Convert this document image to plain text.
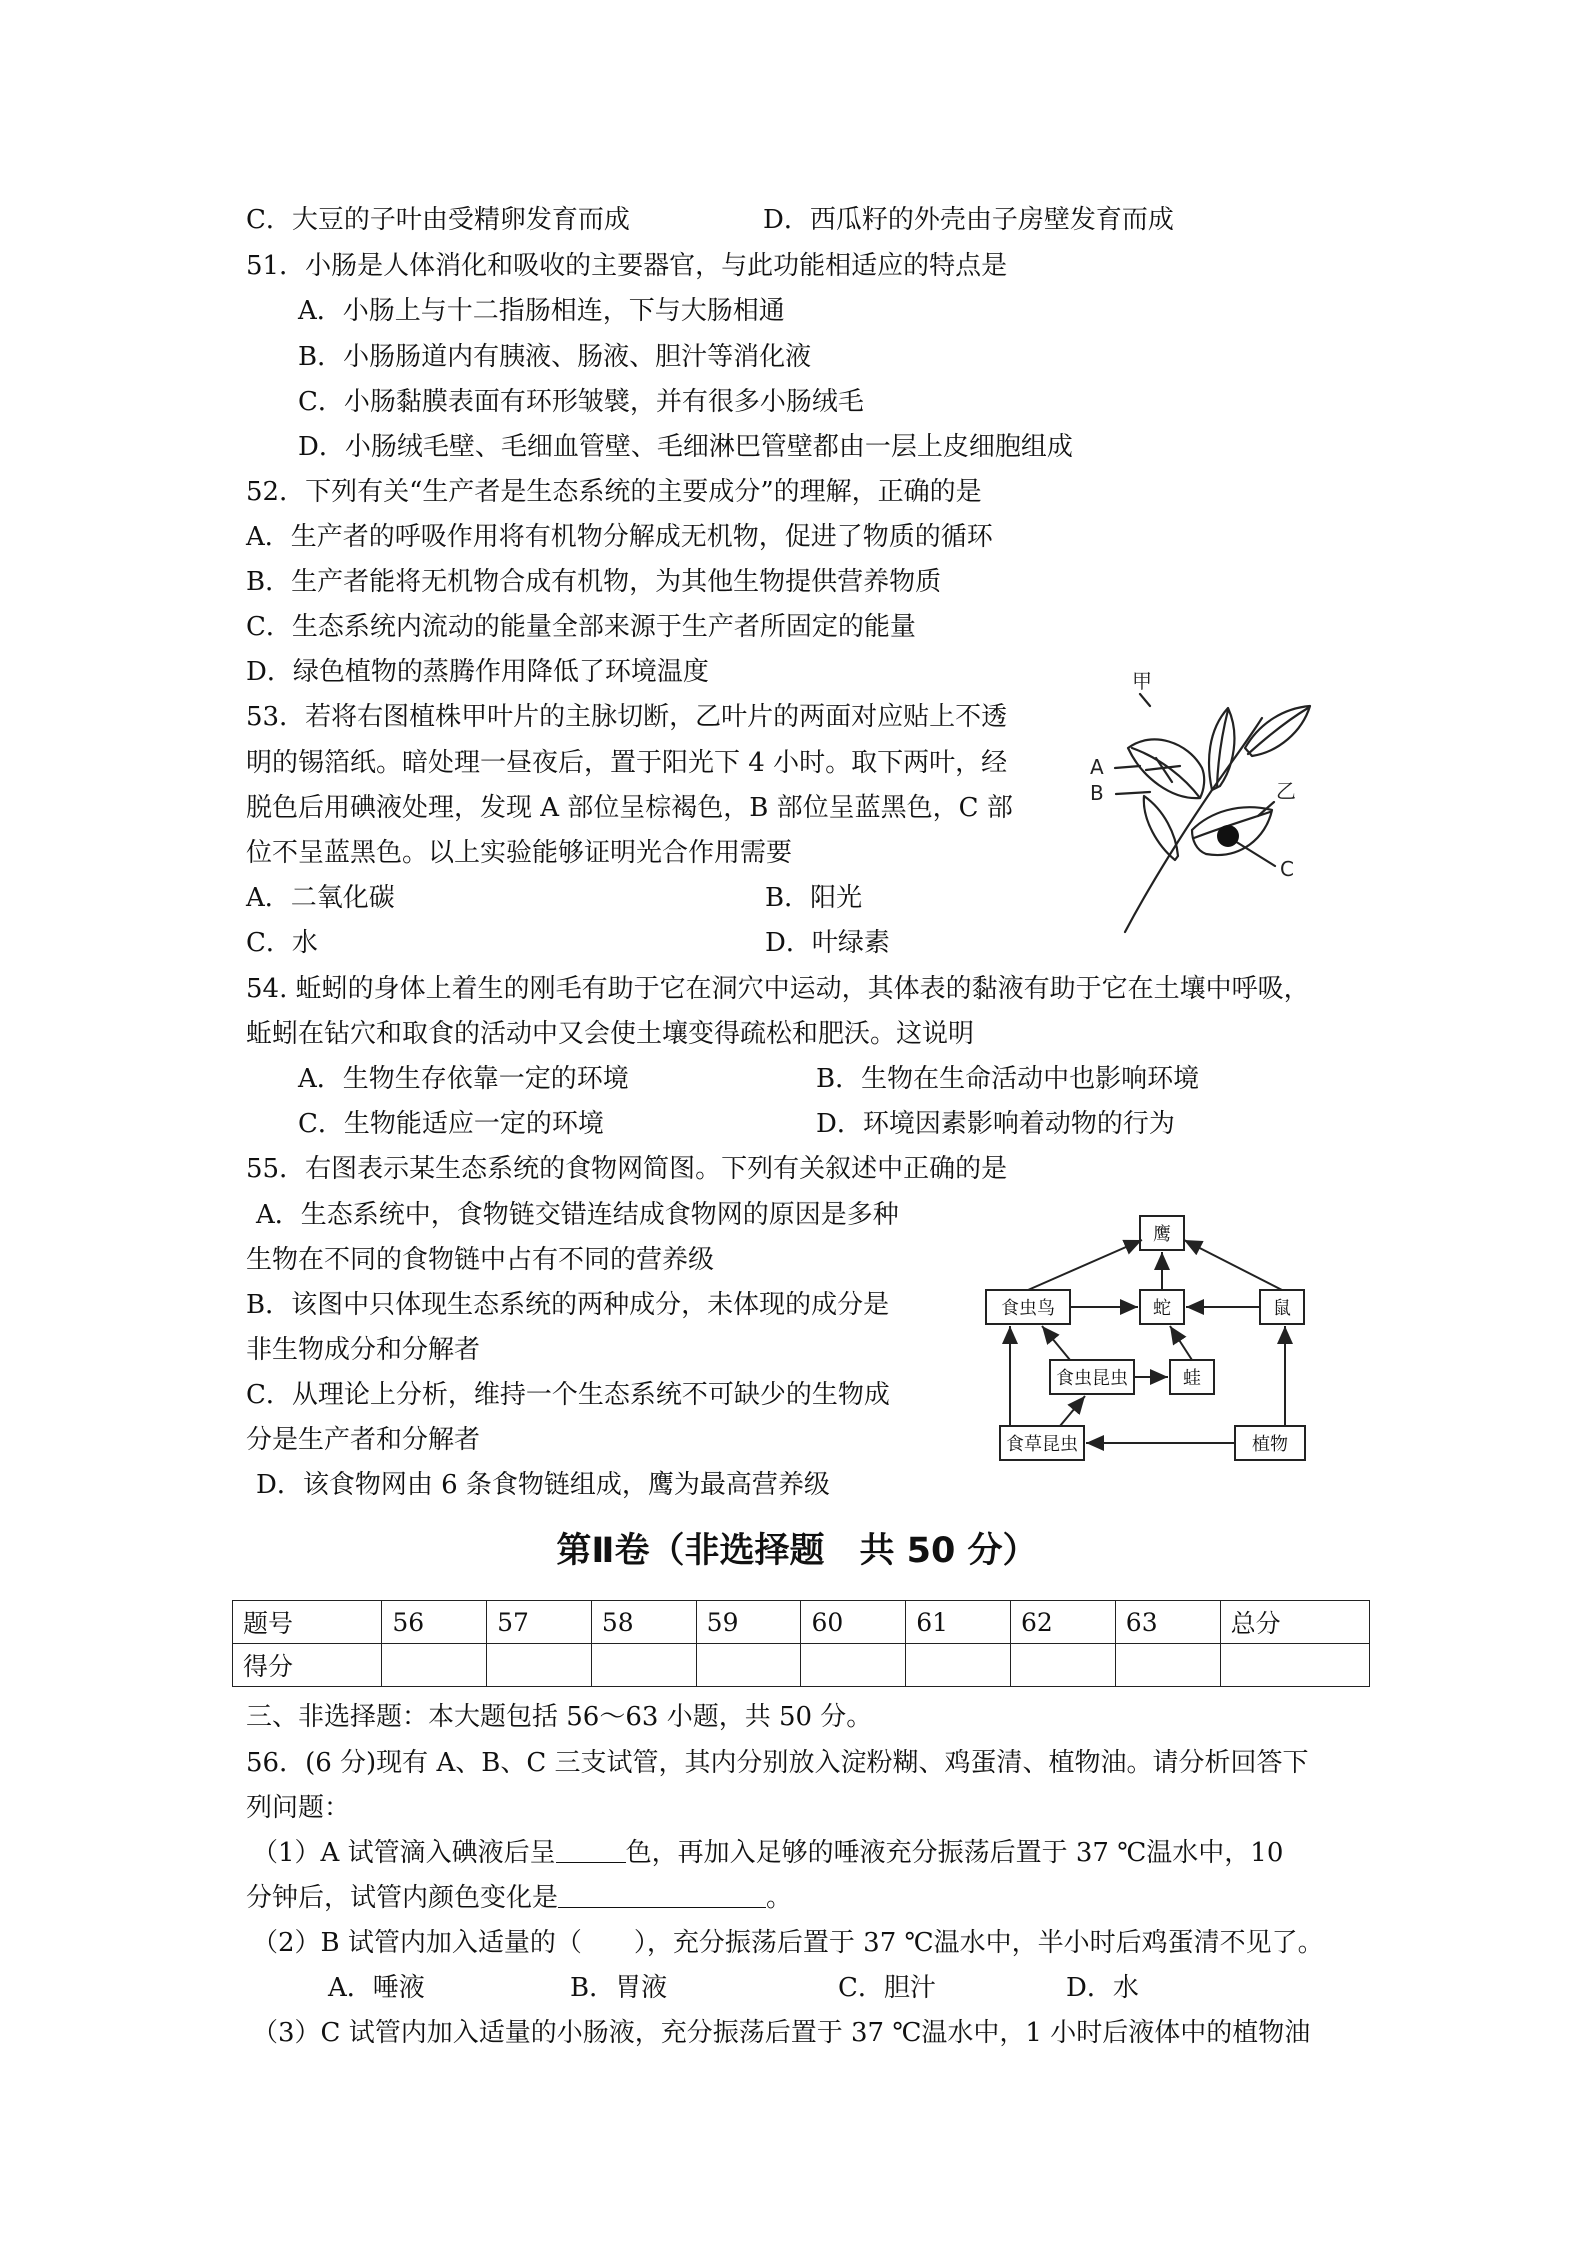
C．大豆的子叶由受精卵发育而成	D．西瓜籽的外壳由子房壁发育而成
51．小肠是人体消化和吸收的主要器官，与此功能相适应的特点是
A．小肠上与十二指肠相连，下与大肠相通
B．小肠肠道内有胰液、肠液、胆汁等消化液
C．小肠黏膜表面有环形皱襞，并有很多小肠绒毛
D．小肠绒毛壁、毛细血管壁、毛细淋巴管壁都由一层上皮细胞组成
52．下列有关“生产者是生态系统的主要成分”的理解，正确的是
A．生产者的呼吸作用将有机物分解成无机物，促进了物质的循环
B．生产者能将无机物合成有机物，为其他生物提供营养物质
C．生态系统内流动的能量全部来源于生产者所固定的能量
D．绿色植物的蒸腾作用降低了环境温度
53．若将右图植株甲叶片的主脉切断，乙叶片的两面对应贴上不透
明的锡箔纸。暗处理一昼夜后，置于阳光下 4 小时。取下两叶，经
脱色后用碘液处理，发现 A 部位呈棕褐色，B 部位呈蓝黑色，C 部
位不呈蓝黑色。以上实验能够证明光合作用需要
A．二氧化碳	B．阳光
C．水	D．叶绿素
甲
乙
A
B
C
54. 蚯蚓的身体上着生的刚毛有助于它在洞穴中运动，其体表的黏液有助于它在土壤中呼吸，
蚯蚓在钻穴和取食的活动中又会使土壤变得疏松和肥沃。这说明
A．生物生存依靠一定的环境	B．生物在生命活动中也影响环境
C．生物能适应一定的环境	D．环境因素影响着动物的行为
55．右图表示某生态系统的食物网简图。下列有关叙述中正确的是
A．生态系统中，食物链交错连结成食物网的原因是多种
生物在不同的食物链中占有不同的营养级
B．该图中只体现生态系统的两种成分，未体现的成分是
非生物成分和分解者
C．从理论上分析，维持一个生态系统不可缺少的生物成
分是生产者和分解者
D．该食物网由 6 条食物链组成，鹰为最高营养级
鹰
食虫鸟	蛇	鼠
食虫昆虫	蛙
食草昆虫	植物
第Ⅱ卷（非选择题　共 50 分）
题号	56	57	58	59	60	61	62	63	总分
得分									
三、非选择题：本大题包括 56～63 小题，共 50 分。
56．(6 分)现有 A、B、C 三支试管，其内分别放入淀粉糊、鸡蛋清、植物油。请分析回答下
列问题：
（1）A 试管滴入碘液后呈	色，再加入足够的唾液充分振荡后置于 37 ℃温水中，10
分钟后，试管内颜色变化是	。
（2）B 试管内加入适量的（　　），充分振荡后置于 37 ℃温水中，半小时后鸡蛋清不见了。
A．唾液	B．胃液	C．胆汁	D．水
（3）C 试管内加入适量的小肠液，充分振荡后置于 37 ℃温水中，1 小时后液体中的植物油
